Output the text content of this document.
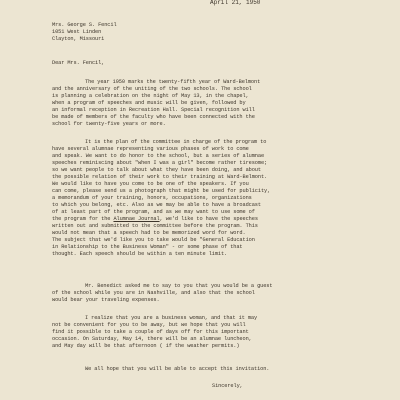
April 21, 1950
Mrs. George S. Fencil
1051 West Linden
Clayton, Missouri
Dear Mrs. Fencil,
The year 1950 marks the twenty-fifth year of Ward-Belmont
and the anniversary of the uniting of the two schools. The school
is planning a celebration on the night of May 13, in the chapel,
when a program of speeches and music will be given, followed by
an informal reception in Recreation Hall. Special recognition will
be made of members of the faculty who have been connected with the
school for twenty-five years or more.
It is the plan of the committee in charge of the program to
have several alumnae representing various phases of work to come
and speak. We want to do honor to the school, but a series of alumnae
speeches reminiscing about "when I was a girl" become rather tiresome;
so we want people to talk about what they have been doing, and about
the possible relation of their work to their training at Ward-Belmont.
We would like to have you come to be one of the speakers. If you
can come, please send us a photograph that might be used for publicity,
a memorandum of your training, honors, occupations, organizations
to which you belong, etc. Also as we may be able to have a broadcast
of at least part of the program, and as we may want to use some of
the program for the Alumnae Journal, we'd like to have the speeches
written out and submitted to the committee before the program. This
would not mean that a speech had to be memorized word for word.
The subject that we'd like you to take would be "General Education
in Relationship to the Business Woman" - or some phase of that
thought. Each speech should be within a ten minute limit.
Mr. Benedict asked me to say to you that you would be a guest
of the school while you are in Nashville, and also that the school
would bear your traveling expenses.
I realize that you are a business woman, and that it may
not be convenient for you to be away, but we hope that you will
find it possible to take a couple of days off for this important
occasion. On Saturday, May 14, there will be an alumnae luncheon,
and May day will be that afternoon ( if the weather permits.)
We all hope that you will be able to accept this invitation.
Sincerely,
